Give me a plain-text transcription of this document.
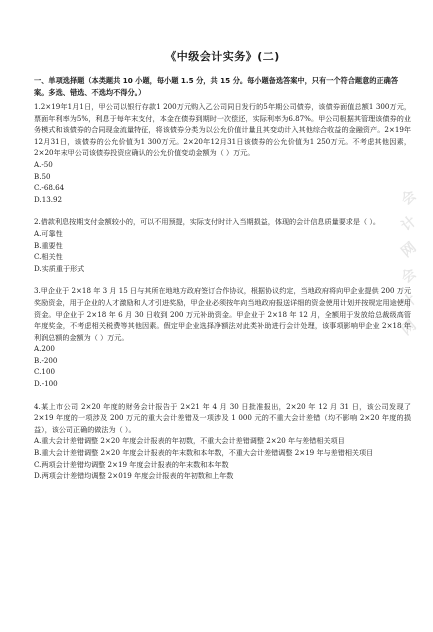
《中级会计实务》(二)

一、单项选择题（本类题共 10 小题，每小题 1.5 分，共 15 分。每小题备选答案中，只有一个符合题意的正确答案。多选、错选、不选均不得分。）

1.2×19年1月1日，甲公司以银行存款1 200万元购入乙公司同日发行的5年期公司债券，该债券面值总额1 300万元，票面年利率为5%，利息于每年末支付，本金在债券到期时一次偿还，实际利率为6.87%。甲公司根据其管理该债券的业务模式和该债券的合同现金流量特征，将该债券分类为以公允价值计量且其变动计入其他综合收益的金融资产。2×19年12月31日，该债券的公允价值为1 300万元。2×20年12月31日该债券的公允价值为1 250万元。不考虑其他因素，2×20年末甲公司该债券投资应确认的公允价值变动金额为（ ）万元。

A.-50

B.50

C.-68.64

D.13.92

2.借款利息按期支付金额较小的，可以不用预提，实际支付时计入当期损益，体现的会计信息质量要求是（ ）。

A.可靠性

B.重要性

C.相关性

D.实质重于形式

3.甲企业于 2×18 年 3 月 15 日与其所在地地方政府签订合作协议，根据协议约定，当地政府将向甲企业提供 200 万元奖励资金，用于企业的人才激励和人才引进奖励，甲企业必须按年向当地政府报送详细的资金使用计划并按规定用途使用资金。甲企业于 2×18 年 6 月 30 日收到 200 万元补助资金。甲企业于 2×18 年 12 月，全额用于发放给总裁级高管年度奖金，不考虑相关税费等其他因素。假定甲企业选择净额法对此类补助进行会计处理，该事项影响甲企业 2×18 年利润总额的金额为（ ）万元。

A.200

B.-200

C.100

D.-100

4.某上市公司 2×20 年度的财务会计报告于 2×21 年 4 月 30 日批准报出，2×20 年 12 月 31 日，该公司发现了 2×19 年度的一项涉及 200 万元的重大会计差错及一项涉及 1 000 元的不重大会计差错（均不影响 2×20 年度的损益），该公司正确的做法为（ ）。

A.重大会计差错调整 2×20 年度会计报表的年初数，不重大会计差错调整 2×20 年与差错相关项目

B.重大会计差错调整 2×20 年度会计报表的年末数和本年数，不重大会计差错调整 2×19 年与差错相关项目

C.两项会计差错均调整 2×19 年度会计报表的年末数和本年数

D.两项会计差错均调整 2×019 年度会计报表的年初数和上年数

会
计
网
会
计
网
